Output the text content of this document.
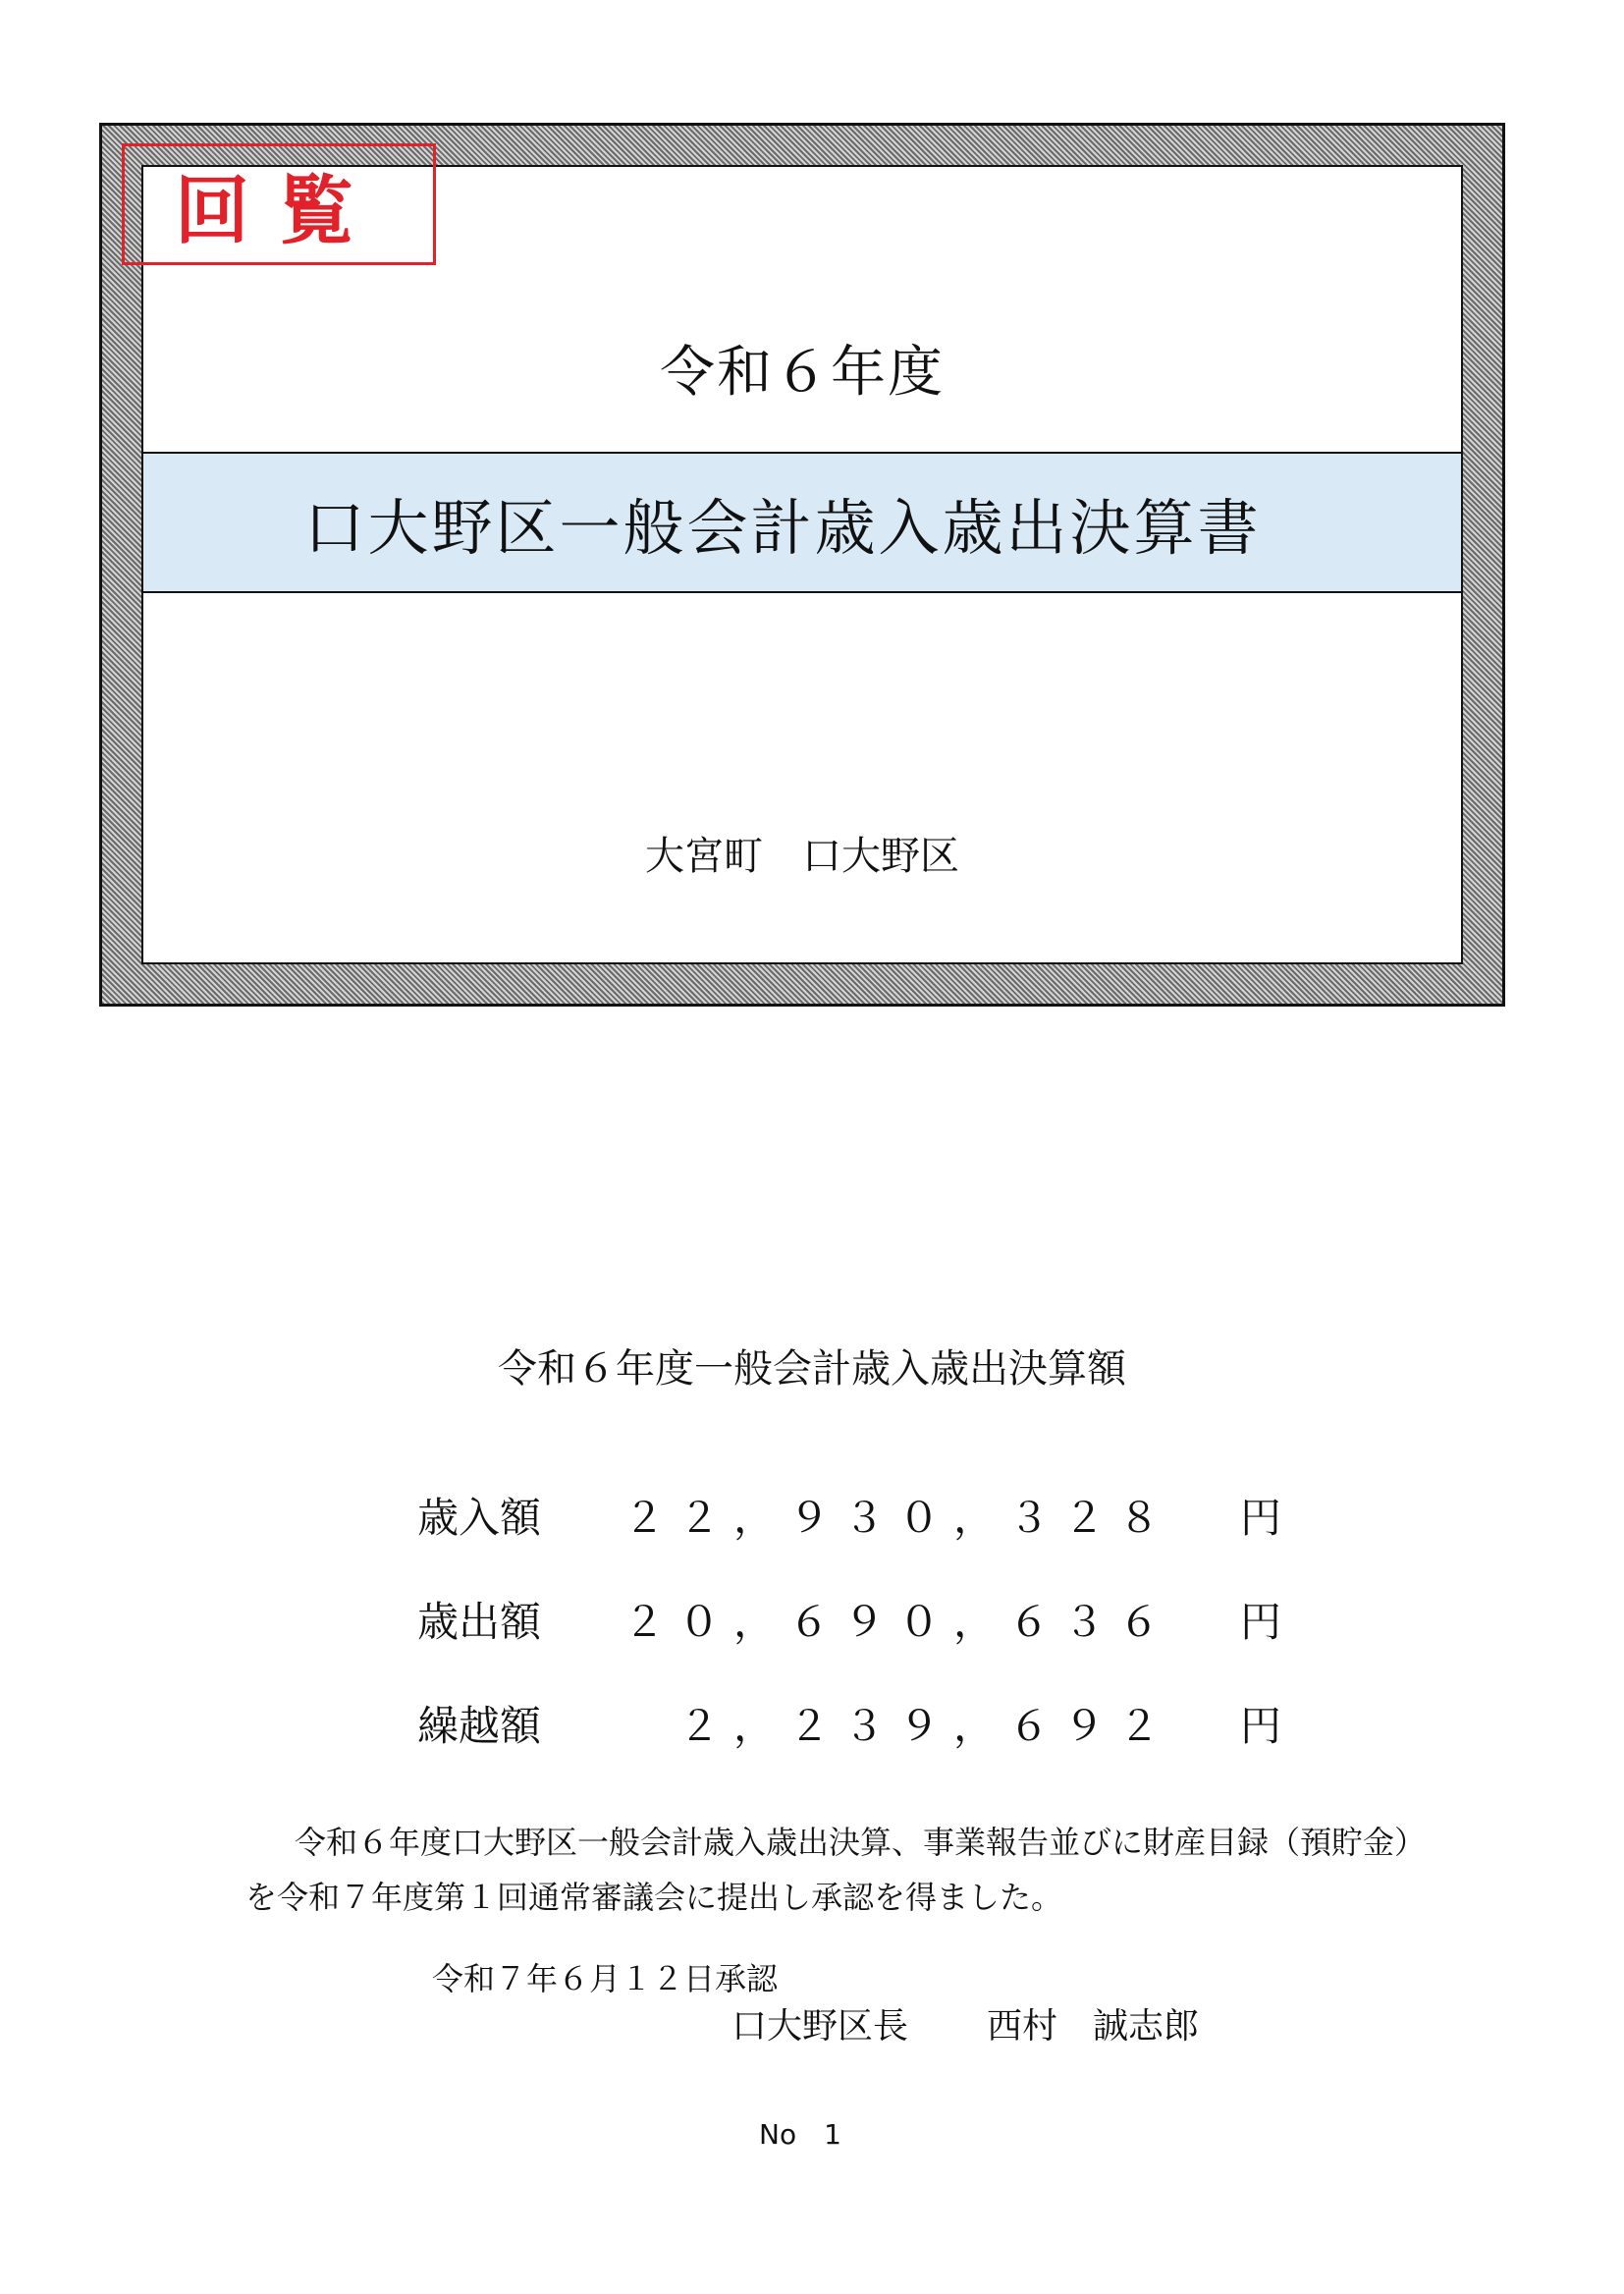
回覧
令和６年度
口大野区一般会計歳入歳出決算書
大宮町　口大野区
令和６年度一般会計歳入歳出決算額
歳入額 ２２，９３０，３２８ 円
歳出額 ２０，６９０，６３６ 円
繰越額	２，２３９，６９２ 円
令和６年度口大野区一般会計歳入歳出決算、事業報告並びに財産目録（預貯金）
を令和７年度第１回通常審議会に提出し承認を得ました。
令和７年６月１２日承認
口大野区長 西村　誠志郎
No　1
